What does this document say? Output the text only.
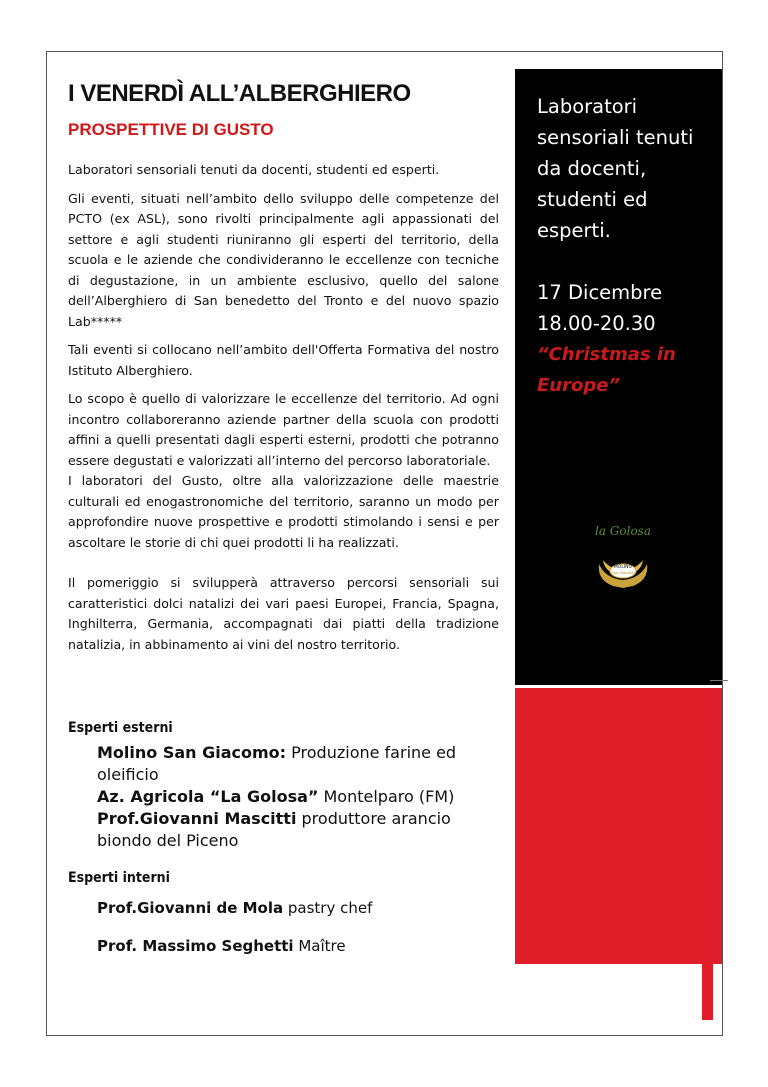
I VENERDÌ ALL’ALBERGHIERO
PROSPETTIVE DI GUSTO

Laboratori sensoriali tenuti da docenti, studenti ed esperti.

Gli eventi, situati nell’ambito dello sviluppo delle competenze del PCTO (ex ASL), sono rivolti principalmente agli appassionati del settore e agli studenti riuniranno gli esperti del territorio, della scuola e le aziende che condivideranno le eccellenze con tecniche di degustazione, in un ambiente esclusivo, quello del salone dell’Alberghiero di San benedetto del Tronto e del nuovo spazio Lab*****

Tali eventi si collocano nell’ambito dell'Offerta Formativa del nostro Istituto Alberghiero.

Lo scopo è quello di valorizzare le eccellenze del territorio. Ad ogni incontro collaboreranno aziende partner della scuola con prodotti affini a quelli presentati dagli esperti esterni, prodotti che potranno essere degustati e valorizzati all’interno del percorso laboratoriale.

I laboratori del Gusto, oltre alla valorizzazione delle maestrie culturali ed enogastronomiche del territorio, saranno un modo per approfondire nuove prospettive e prodotti stimolando i sensi e per ascoltare le storie di chi quei prodotti li ha realizzati.

Il pomeriggio si svilupperà attraverso percorsi sensoriali sui caratteristici dolci natalizi dei vari paesi Europei, Francia, Spagna, Inghilterra, Germania, accompagnati dai piatti della tradizione natalizia, in abbinamento ai vini del nostro territorio.

Esperti esterni
Molino San Giacomo: Produzione farine ed oleificio
Az. Agricola “La Golosa” Montelparo (FM)
Prof.Giovanni Mascitti produttore arancio biondo del Piceno
Esperti interni
Prof.Giovanni de Mola pastry chef
Prof. Massimo Seghetti Maître
Laboratori sensoriali tenuti da docenti, studenti ed esperti.
17 Dicembre
18.00-20.30
“Christmas in Europe”
la Golosa
MOLINO
San Giacomo
